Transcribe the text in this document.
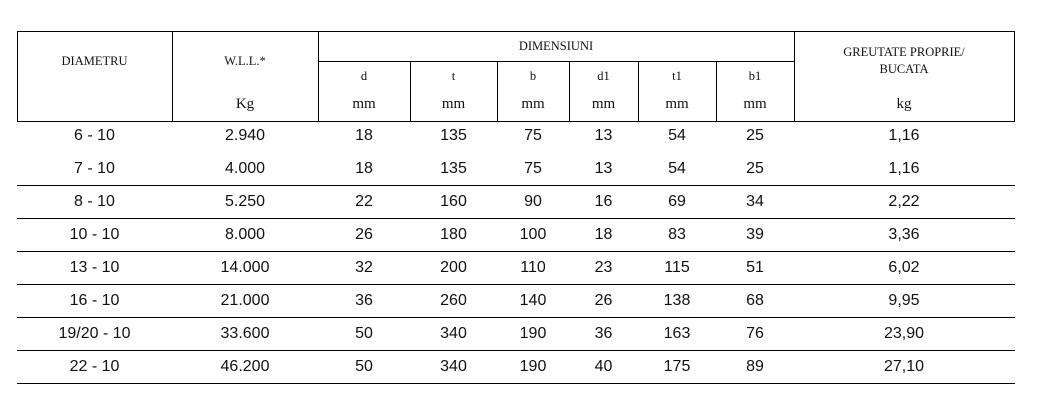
DIAMETRU	W.L.L.*
Kg
DIMENSIUNI
d	t	b	d1	t1	b1
mm	mm	mm	mm	mm	mm
GREUTATE PROPRIE/
BUCATA
kg
6 - 10	2.940	18	135	75	13	54	25	1,16
7 - 10	4.000	18	135	75	13	54	25	1,16
8 - 10	5.250	22	160	90	16	69	34	2,22
10 - 10	8.000	26	180	100	18	83	39	3,36
13 - 10	14.000	32	200	110	23	115	51	6,02
16 - 10	21.000	36	260	140	26	138	68	9,95
19/20 - 10	33.600	50	340	190	36	163	76	23,90
22 - 10	46.200	50	340	190	40	175	89	27,10
